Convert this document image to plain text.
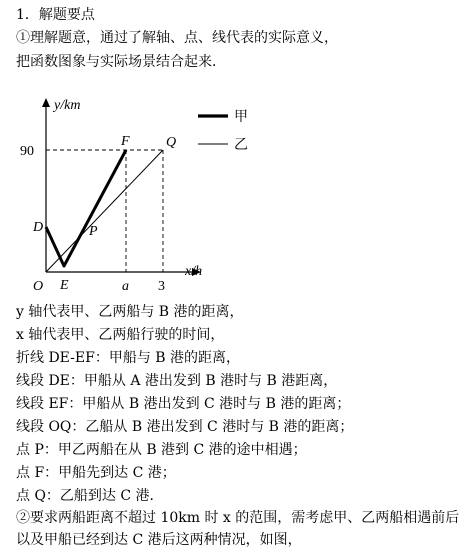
1．解题要点
①理解题意，通过了解轴、点、线代表的实际意义，
把函数图象与实际场景结合起来．
y/km
x/h
O
90
a 3
D
E
F	Q
P
甲
乙
y 轴代表甲、乙两船与 B 港的距离，
x 轴代表甲、乙两船行驶的时间，
折线 DE-EF：甲船与 B 港的距离，
线段 DE：甲船从 A 港出发到 B 港时与 B 港距离，
线段 EF：甲船从 B 港出发到 C 港时与 B 港的距离；
线段 OQ：乙船从 B 港出发到 C 港时与 B 港的距离；
点 P：甲乙两船在从 B 港到 C 港的途中相遇；
点 F：甲船先到达 C 港；
点 Q：乙船到达 C 港．
②要求两船距离不超过 10km 时 x 的范围，需考虑甲、乙两船相遇前后以及甲船已经到达 C 港后这两种情况，如图，
